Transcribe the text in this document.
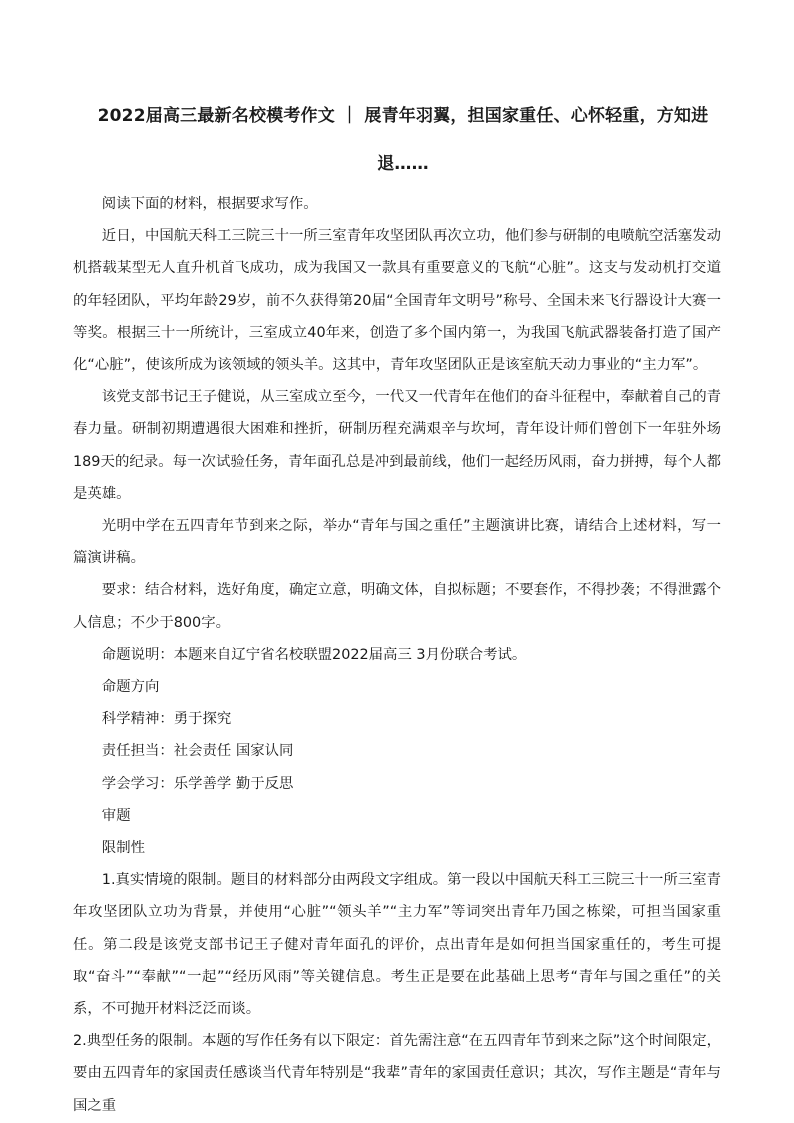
2022届高三最新名校模考作文 ｜ 展青年羽翼，担国家重任、心怀轻重，方知进退……

阅读下面的材料，根据要求写作。

近日，中国航天科工三院三十一所三室青年攻坚团队再次立功，他们参与研制的电喷航空活塞发动机搭载某型无人直升机首飞成功，成为我国又一款具有重要意义的飞航“心脏”。这支与发动机打交道的年轻团队，平均年龄29岁，前不久获得第20届“全国青年文明号”称号、全国未来飞行器设计大赛一等奖。根据三十一所统计，三室成立40年来，创造了多个国内第一，为我国飞航武器装备打造了国产化“心脏”，使该所成为该领域的领头羊。这其中，青年攻坚团队正是该室航天动力事业的“主力军”。

该党支部书记王子健说，从三室成立至今，一代又一代青年在他们的奋斗征程中，奉献着自己的青春力量。研制初期遭遇很大困难和挫折，研制历程充满艰辛与坎坷，青年设计师们曾创下一年驻外场189天的纪录。每一次试验任务，青年面孔总是冲到最前线，他们一起经历风雨，奋力拼搏，每个人都是英雄。

光明中学在五四青年节到来之际，举办“青年与国之重任”主题演讲比赛，请结合上述材料，写一篇演讲稿。

要求：结合材料，选好角度，确定立意，明确文体，自拟标题；不要套作，不得抄袭；不得泄露个人信息；不少于800字。

命题说明：本题来自辽宁省名校联盟2022届高三 3月份联合考试。

命题方向

科学精神：勇于探究

责任担当：社会责任 国家认同

学会学习：乐学善学 勤于反思

审题

限制性

1.真实情境的限制。题目的材料部分由两段文字组成。第一段以中国航天科工三院三十一所三室青年攻坚团队立功为背景，并使用“心脏”“领头羊”“主力军”等词突出青年乃国之栋梁，可担当国家重任。第二段是该党支部书记王子健对青年面孔的评价，点出青年是如何担当国家重任的，考生可提取“奋斗”“奉献”“一起”“经历风雨”等关键信息。考生正是要在此基础上思考“青年与国之重任”的关系，不可抛开材料泛泛而谈。

2.典型任务的限制。本题的写作任务有以下限定：首先需注意“在五四青年节到来之际”这个时间限定，要由五四青年的家国责任感谈当代青年特别是“我辈”青年的家国责任意识；其次，写作主题是“青年与国之重
